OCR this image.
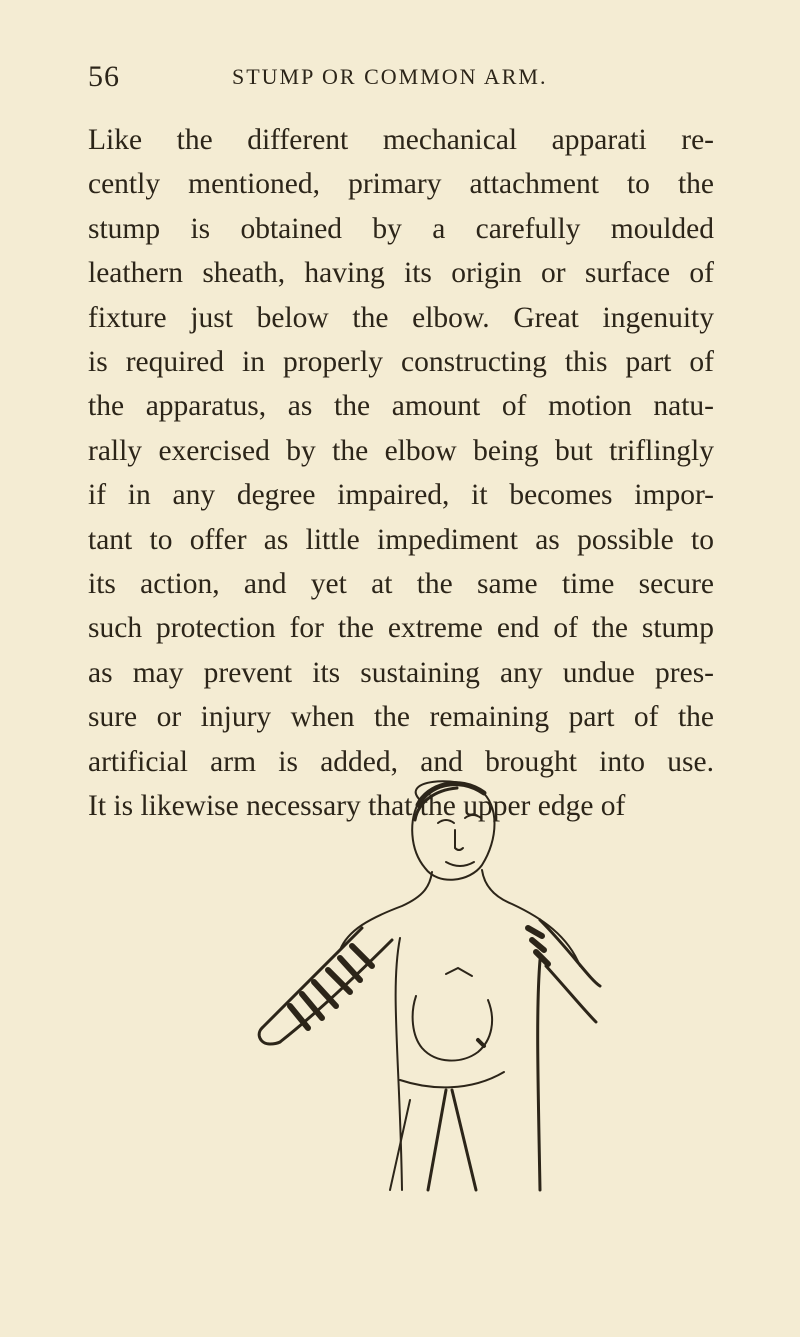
56	STUMP OR COMMON ARM.
Like the different mechanical apparati re-
cently mentioned, primary attachment to the
stump is obtained by a carefully moulded
leathern sheath, having its origin or surface of
fixture just below the elbow. Great ingenuity
is required in properly constructing this part of
the apparatus, as the amount of motion natu-
rally exercised by the elbow being but triflingly
if in any degree impaired, it becomes impor-
tant to offer as little impediment as possible to
its action, and yet at the same time secure
such protection for the extreme end of the stump
as may prevent its sustaining any undue pres-
sure or injury when the remaining part of the
artificial arm is added, and brought into use.
It is likewise necessary that the upper edge of
